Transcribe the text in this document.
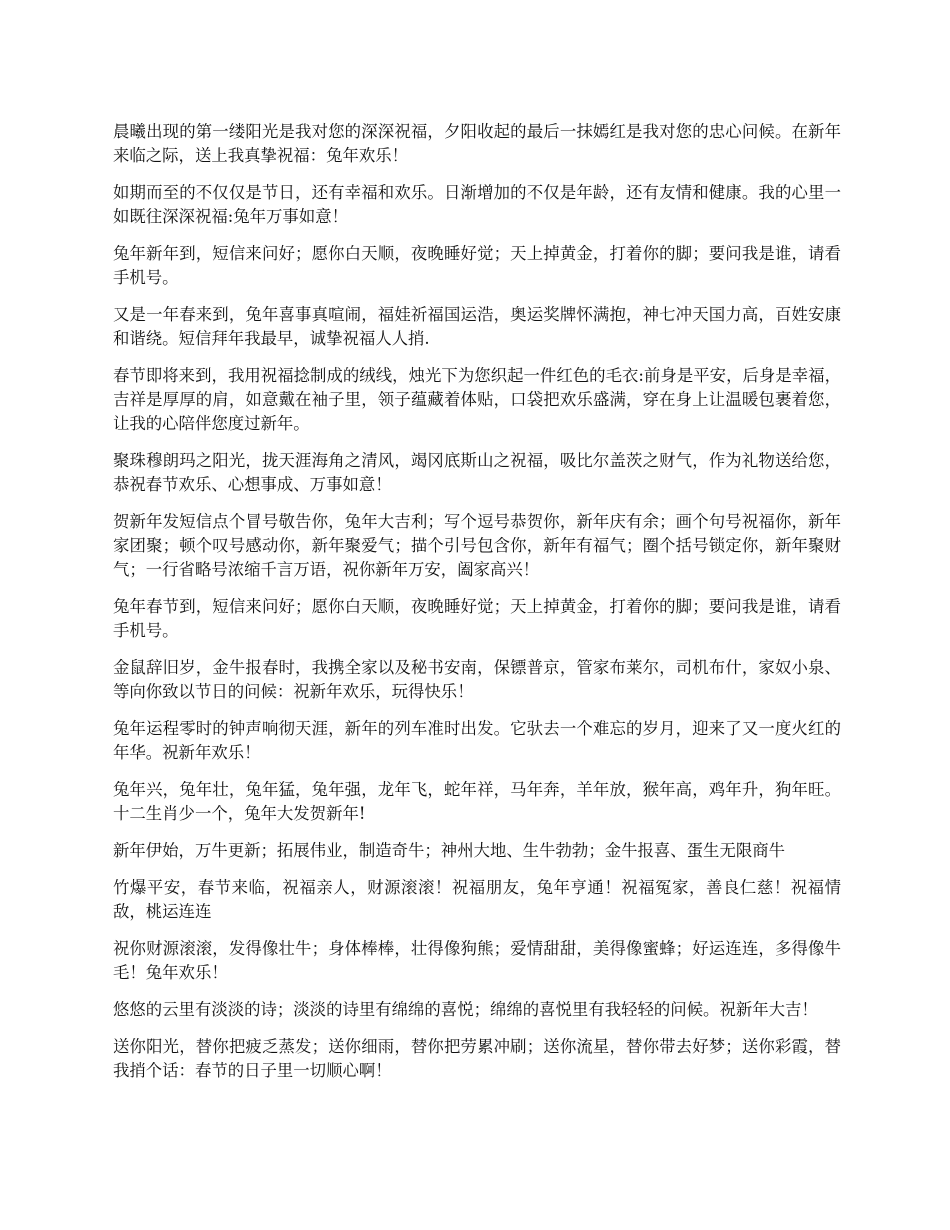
晨曦出现的第一缕阳光是我对您的深深祝福，夕阳收起的最后一抹嫣红是我对您的忠心问候。在新年来临之际，送上我真挚祝福：兔年欢乐！

如期而至的不仅仅是节日，还有幸福和欢乐。日渐增加的不仅是年龄，还有友情和健康。我的心里一如既往深深祝福:兔年万事如意！

兔年新年到，短信来问好；愿你白天顺，夜晚睡好觉；天上掉黄金，打着你的脚；要问我是谁，请看手机号。

又是一年春来到，兔年喜事真喧闹，福娃祈福国运浩，奥运奖牌怀满抱，神七冲天国力高，百姓安康和谐绕。短信拜年我最早，诚挚祝福人人捎.

春节即将来到，我用祝福捻制成的绒线，烛光下为您织起一件红色的毛衣:前身是平安，后身是幸福，吉祥是厚厚的肩，如意戴在袖子里，领子蕴藏着体贴，口袋把欢乐盛满，穿在身上让温暖包裹着您，让我的心陪伴您度过新年。

聚珠穆朗玛之阳光，拢天涯海角之清风，竭冈底斯山之祝福，吸比尔盖茨之财气，作为礼物送给您，恭祝春节欢乐、心想事成、万事如意！

贺新年发短信点个冒号敬告你，兔年大吉利；写个逗号恭贺你，新年庆有余；画个句号祝福你，新年家团聚；顿个叹号感动你，新年聚爱气；描个引号包含你，新年有福气；圈个括号锁定你，新年聚财气；一行省略号浓缩千言万语，祝你新年万安，阖家高兴！

兔年春节到，短信来问好；愿你白天顺，夜晚睡好觉；天上掉黄金，打着你的脚；要问我是谁，请看手机号。

金鼠辞旧岁，金牛报春时，我携全家以及秘书安南，保镖普京，管家布莱尔，司机布什，家奴小泉、等向你致以节日的问候：祝新年欢乐，玩得快乐！

兔年运程零时的钟声响彻天涯，新年的列车准时出发。它驮去一个难忘的岁月，迎来了又一度火红的年华。祝新年欢乐！

兔年兴，兔年壮，兔年猛，兔年强，龙年飞，蛇年祥，马年奔，羊年放，猴年高，鸡年升，狗年旺。十二生肖少一个，兔年大发贺新年!

新年伊始，万牛更新；拓展伟业，制造奇牛；神州大地、生牛勃勃；金牛报喜、蛋生无限商牛

竹爆平安，春节来临，祝福亲人，财源滚滚！祝福朋友，兔年亨通！祝福冤家，善良仁慈！祝福情敌，桃运连连

祝你财源滚滚，发得像壮牛；身体棒棒，壮得像狗熊；爱情甜甜，美得像蜜蜂；好运连连，多得像牛毛！兔年欢乐！

悠悠的云里有淡淡的诗；淡淡的诗里有绵绵的喜悦；绵绵的喜悦里有我轻轻的问候。祝新年大吉！

送你阳光，替你把疲乏蒸发；送你细雨，替你把劳累冲刷；送你流星，替你带去好梦；送你彩霞，替我捎个话：春节的日子里一切顺心啊！
